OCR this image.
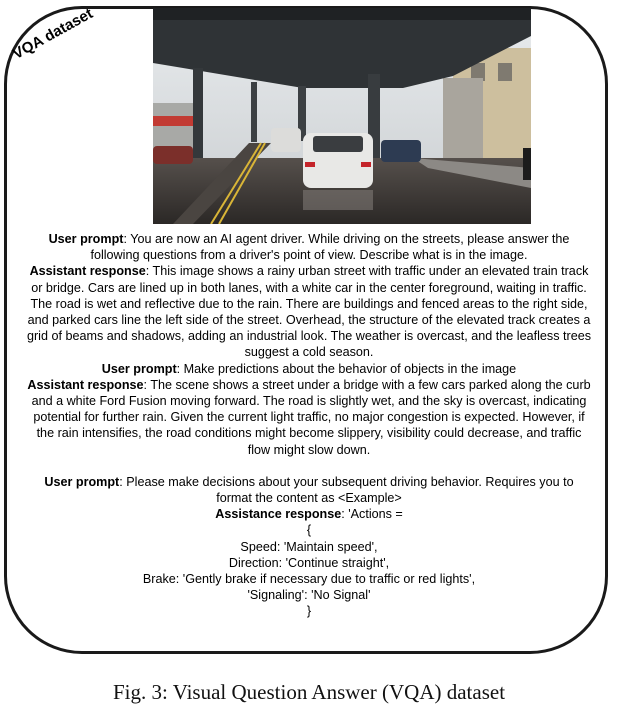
VQA dataset

User prompt: You are now an AI agent driver. While driving on the streets, please answer the following questions from a driver's point of view. Describe what is in the image.

Assistant response: This image shows a rainy urban street with traffic under an elevated train track or bridge. Cars are lined up in both lanes, with a white car in the center foreground, waiting in traffic. The road is wet and reflective due to the rain. There are buildings and fenced areas to the right side, and parked cars line the left side of the street. Overhead, the structure of the elevated track creates a grid of beams and shadows, adding an industrial look. The weather is overcast, and the leafless trees suggest a cold season.

User prompt: Make predictions about the behavior of objects in the image

Assistant response: The scene shows a street under a bridge with a few cars parked along the curb and a white Ford Fusion moving forward. The road is slightly wet, and the sky is overcast, indicating potential for further rain. Given the current light traffic, no major congestion is expected. However, if the rain intensifies, the road conditions might become slippery, visibility could decrease, and traffic flow might slow down.

User prompt: Please make decisions about your subsequent driving behavior. Requires you to format the content as <Example>

Assistance response: 'Actions =

{

Speed: 'Maintain speed',

Direction: 'Continue straight',

Brake: 'Gently brake if necessary due to traffic or red lights',

'Signaling': 'No Signal'

}

Fig. 3: Visual Question Answer (VQA) dataset
